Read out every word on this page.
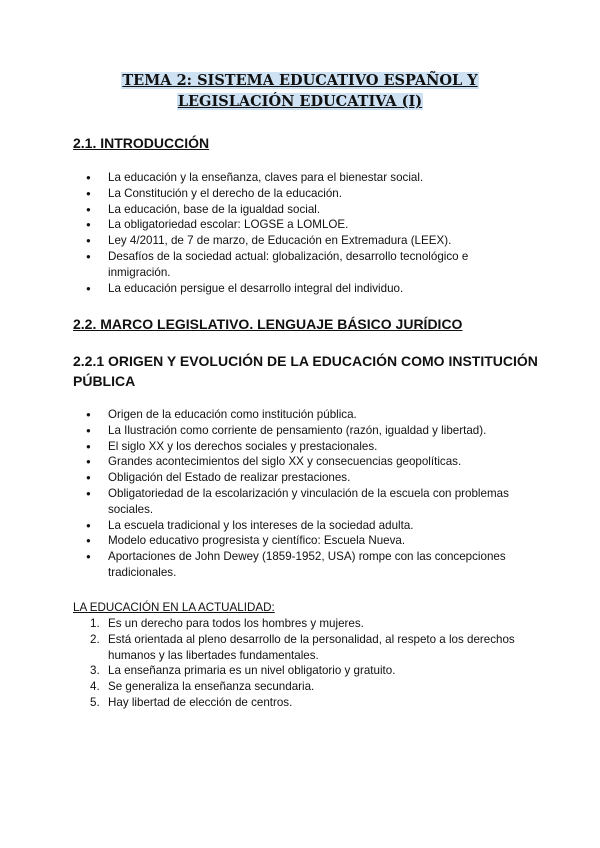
TEMA 2: SISTEMA EDUCATIVO ESPAÑOL Y
LEGISLACIÓN EDUCATIVA (I)
2.1. INTRODUCCIÓN
● La educación y la enseñanza, claves para el bienestar social.
● La Constitución y el derecho de la educación.
● La educación, base de la igualdad social.
● La obligatoriedad escolar: LOGSE a LOMLOE.
● Ley 4/2011, de 7 de marzo, de Educación en Extremadura (LEEX).
● Desafíos de la sociedad actual: globalización, desarrollo tecnológico e inmigración.
● La educación persigue el desarrollo integral del individuo.
2.2. MARCO LEGISLATIVO. LENGUAJE BÁSICO JURÍDICO
2.2.1 ORIGEN Y EVOLUCIÓN DE LA EDUCACIÓN COMO INSTITUCIÓN PÚBLICA
● Origen de la educación como institución pública.
● La Ilustración como corriente de pensamiento (razón, igualdad y libertad).
● El siglo XX y los derechos sociales y prestacionales.
● Grandes acontecimientos del siglo XX y consecuencias geopolíticas.
● Obligación del Estado de realizar prestaciones.
● Obligatoriedad de la escolarización y vinculación de la escuela con problemas sociales.
● La escuela tradicional y los intereses de la sociedad adulta.
● Modelo educativo progresista y científico: Escuela Nueva.
● Aportaciones de John Dewey (1859-1952, USA) rompe con las concepciones tradicionales.
LA EDUCACIÓN EN LA ACTUALIDAD:
1. Es un derecho para todos los hombres y mujeres.
2. Está orientada al pleno desarrollo de la personalidad, al respeto a los derechos humanos y las libertades fundamentales.
3. La enseñanza primaria es un nivel obligatorio y gratuito.
4. Se generaliza la enseñanza secundaria.
5. Hay libertad de elección de centros.
